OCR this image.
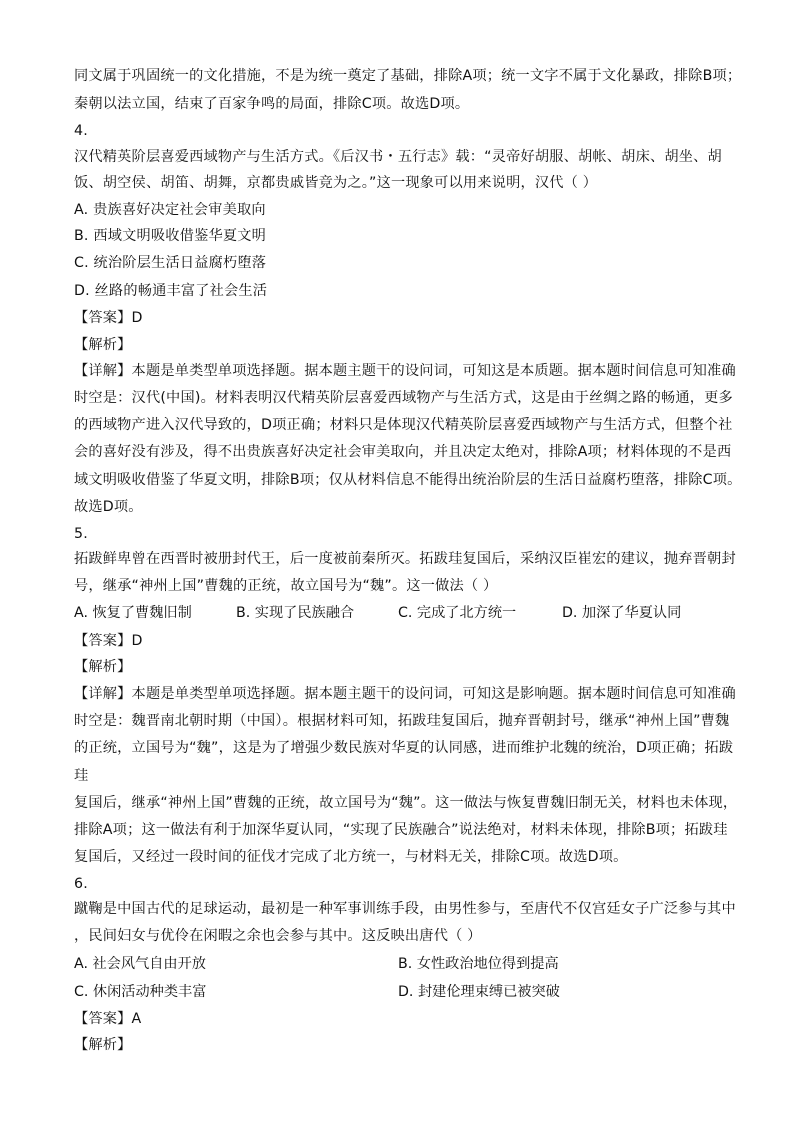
同文属于巩固统一的文化措施，不是为统一奠定了基础，排除A项；统一文字不属于文化暴政，排除B项；
秦朝以法立国，结束了百家争鸣的局面，排除C项。故选D项。
4.
汉代精英阶层喜爱西域物产与生活方式。《后汉书・五行志》载：“灵帝好胡服、胡帐、胡床、胡坐、胡
饭、胡空侯、胡笛、胡舞，京都贵戚皆竞为之。”这一现象可以用来说明，汉代（ ）
A. 贵族喜好决定社会审美取向
B. 西域文明吸收借鉴华夏文明
C. 统治阶层生活日益腐朽堕落
D. 丝路的畅通丰富了社会生活
【答案】D
【解析】
【详解】本题是单类型单项选择题。据本题主题干的设问词，可知这是本质题。据本题时间信息可知准确
时空是：汉代(中国)。材料表明汉代精英阶层喜爱西域物产与生活方式，这是由于丝绸之路的畅通，更多
的西域物产进入汉代导致的，D项正确；材料只是体现汉代精英阶层喜爱西域物产与生活方式，但整个社
会的喜好没有涉及，得不出贵族喜好决定社会审美取向，并且决定太绝对，排除A项；材料体现的不是西
域文明吸收借鉴了华夏文明，排除B项；仅从材料信息不能得出统治阶层的生活日益腐朽堕落，排除C项。
故选D项。
5.
拓跋鲜卑曾在西晋时被册封代王，后一度被前秦所灭。拓跋珪复国后，采纳汉臣崔宏的建议，抛弃晋朝封
号，继承“神州上国”曹魏的正统，故立国号为“魏”。这一做法（ ）
A. 恢复了曹魏旧制	B. 实现了民族融合	C. 完成了北方统一	D. 加深了华夏认同
【答案】D
【解析】
【详解】本题是单类型单项选择题。据本题主题干的设问词，可知这是影响题。据本题时间信息可知准确
时空是：魏晋南北朝时期（中国）。根据材料可知，拓跋珪复国后，抛弃晋朝封号，继承“神州上国”曹魏
的正统，立国号为“魏”，这是为了增强少数民族对华夏的认同感，进而维护北魏的统治，D项正确；拓跋
珪
复国后，继承“神州上国”曹魏的正统，故立国号为“魏”。这一做法与恢复曹魏旧制无关，材料也未体现，
排除A项；这一做法有利于加深华夏认同，“实现了民族融合”说法绝对，材料未体现，排除B项；拓跋珪
复国后，又经过一段时间的征伐才完成了北方统一，与材料无关，排除C项。故选D项。
6.
蹴鞠是中国古代的足球运动，最初是一种军事训练手段，由男性参与，至唐代不仅宫廷女子广泛参与其中
，民间妇女与优伶在闲暇之余也会参与其中。这反映出唐代（ ）
A. 社会风气自由开放	B. 女性政治地位得到提高
C. 休闲活动种类丰富	D. 封建伦理束缚已被突破
【答案】A
【解析】
